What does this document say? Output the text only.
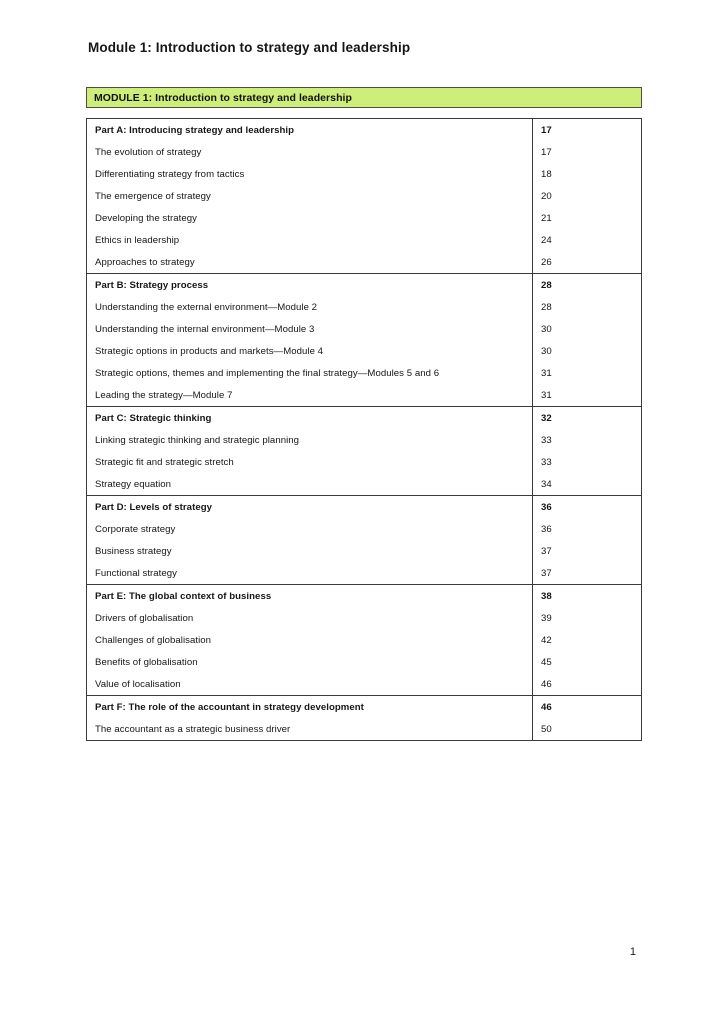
Module 1: Introduction to strategy and leadership
MODULE 1: Introduction to strategy and leadership
Part A: Introducing strategy and leadership	17
The evolution of strategy	17
Differentiating strategy from tactics	18
The emergence of strategy	20
Developing the strategy	21
Ethics in leadership	24
Approaches to strategy	26
Part B: Strategy process	28
Understanding the external environment—Module 2	28
Understanding the internal environment—Module 3	30
Strategic options in products and markets—Module 4	30
Strategic options, themes and implementing the final strategy—Modules 5 and 6	31
Leading the strategy—Module 7	31
Part C: Strategic thinking	32
Linking strategic thinking and strategic planning	33
Strategic fit and strategic stretch	33
Strategy equation	34
Part D: Levels of strategy	36
Corporate strategy	36
Business strategy	37
Functional strategy	37
Part E: The global context of business	38
Drivers of globalisation	39
Challenges of globalisation	42
Benefits of globalisation	45
Value of localisation	46
Part F: The role of the accountant in strategy development	46
The accountant as a strategic business driver	50
1
